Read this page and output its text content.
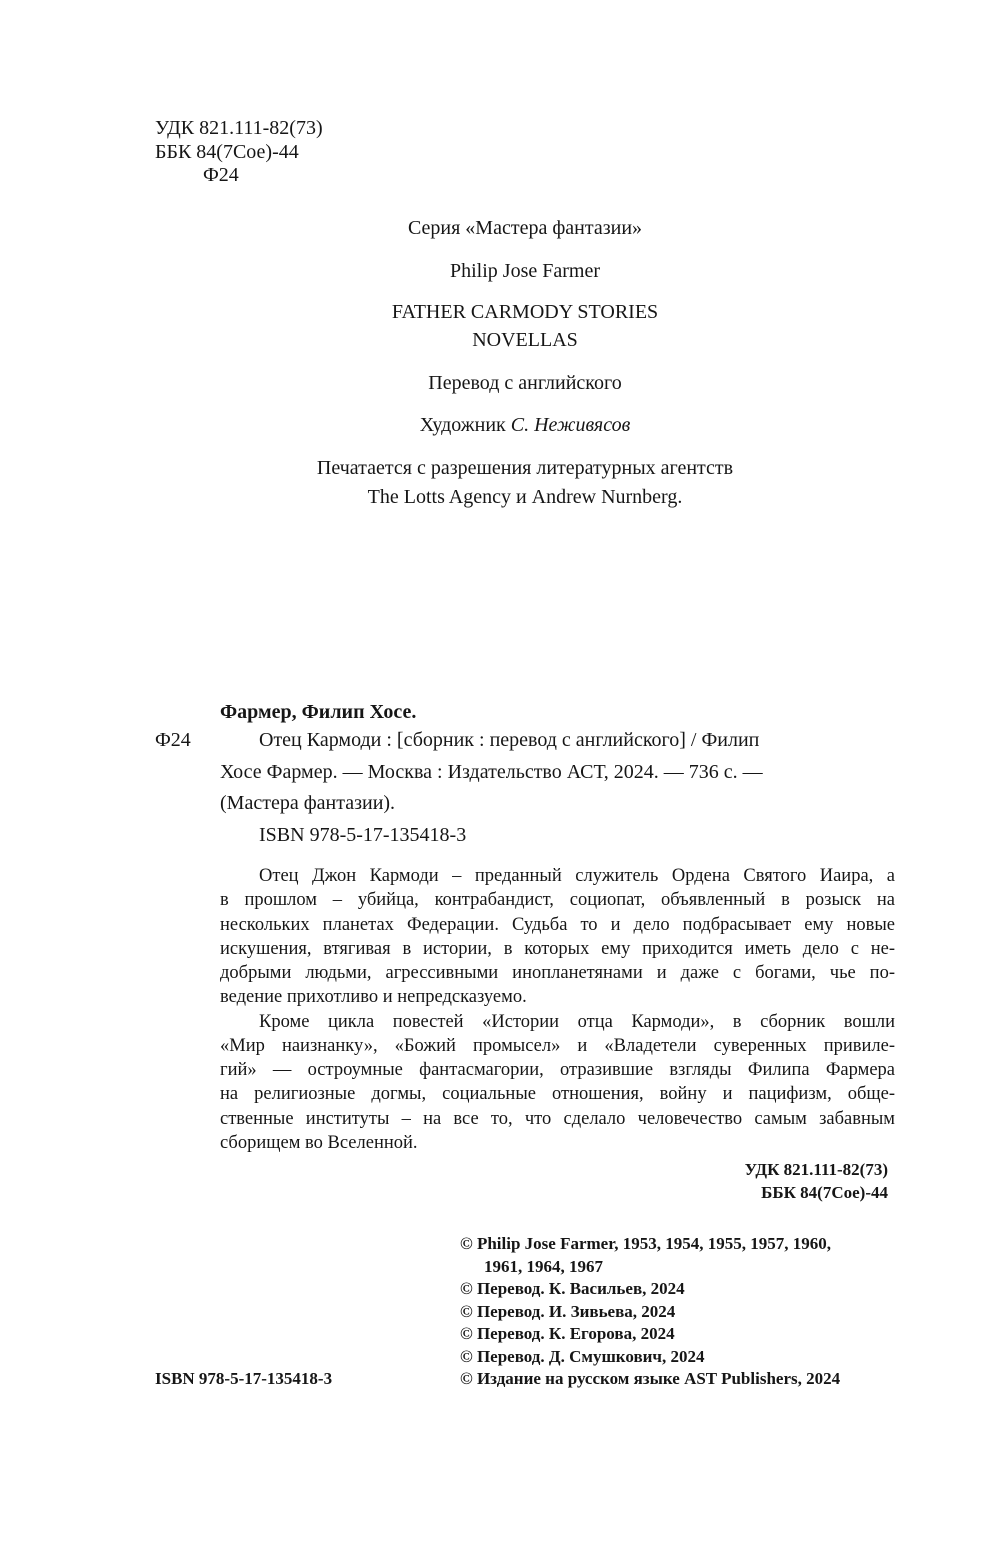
УДК 821.111-82(73)

ББК 84(7Сое)-44

Ф24

Серия «Мастера фантазии»

Philip Jose Farmer

FATHER CARMODY STORIES

NOVELLAS

Перевод с английского

Художник С. Неживясов

Печатается с разрешения литературных агентств

The Lotts Agency и Andrew Nurnberg.

Фармер, Филип Хосе.

Ф24	Отец Кармоди : [сборник : перевод с английского] / Филип

Хосе Фармер. — Москва : Издательство АСТ, 2024. — 736 с. —

(Мастера фантазии).

ISBN 978-5-17-135418-3

Отец Джон Кармоди – преданный служитель Ордена Святого Иаира, а
в прошлом – убийца, контрабандист, социопат, объявленный в розыск на
нескольких планетах Федерации. Судьба то и дело подбрасывает ему новые
искушения, втягивая в истории, в которых ему приходится иметь дело с не-
добрыми людьми, агрессивными инопланетянами и даже с богами, чье по-
ведение прихотливо и непредсказуемо.
Кроме цикла повестей «Истории отца Кармоди», в сборник вошли
«Мир наизнанку», «Божий промысел» и «Владетели суверенных привиле-
гий» — остроумные фантасмагории, отразившие взгляды Филипа Фармера
на религиозные догмы, социальные отношения, войну и пацифизм, обще-
ственные институты – на все то, что сделало человечество самым забавным
сборищем во Вселенной.

УДК 821.111-82(73)

ББК 84(7Сое)-44

© Philip Jose Farmer, 1953, 1954, 1955, 1957, 1960,

1961, 1964, 1967

© Перевод. К. Васильев, 2024

© Перевод. И. Зивьева, 2024

© Перевод. К. Егорова, 2024

© Перевод. Д. Смушкович, 2024

© Издание на русском языке AST Publishers, 2024

ISBN 978-5-17-135418-3
